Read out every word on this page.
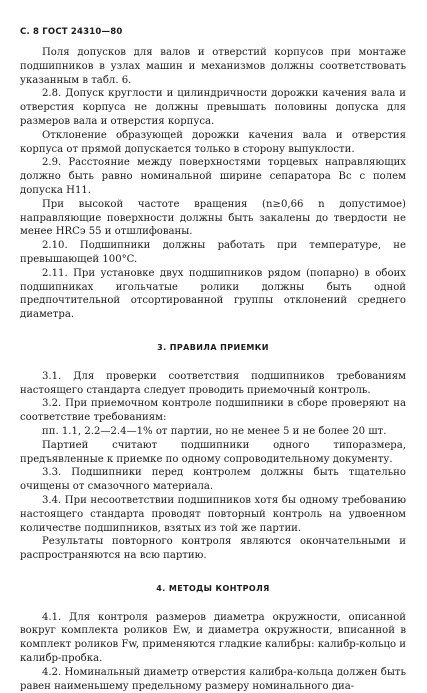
С. 8 ГОСТ 24310—80

Поля допусков для валов и отверстий корпусов при монтаже подшипников в узлах машин и механизмов должны соответствовать указанным в табл. 6.

2.8. Допуск круглости и цилиндричности дорожки качения вала и отверстия корпуса не должны превышать половины допуска для размеров вала и отверстия корпуса.

Отклонение образующей дорожки качения вала и отверстия корпуса от прямой допускается только в сторону выпуклости.

2.9. Расстояние между поверхностями торцевых направляющих должно быть равно номинальной ширине сепаратора Bc с полем допуска H11.

При высокой частоте вращения (n≥0,66 n допустимое) направляющие поверхности должны быть закалены до твердости не менее HRCэ 55 и отшлифованы.

2.10. Подшипники должны работать при температуре, не превышающей 100°C.

2.11. При установке двух подшипников рядом (попарно) в обоих подшипниках игольчатые ролики должны быть одной предпочтительной отсортированной группы отклонений среднего диаметра.

3. ПРАВИЛА ПРИЕМКИ

3.1. Для проверки соответствия подшипников требованиям настоящего стандарта следует проводить приемочный контроль.

3.2. При приемочном контроле подшипники в сборе проверяют на соответствие требованиям:

пп. 1.1, 2.2—2.4—1% от партии, но не менее 5 и не более 20 шт.

Партией считают подшипники одного типоразмера, предъявленные к приемке по одному сопроводительному документу.

3.3. Подшипники перед контролем должны быть тщательно очищены от смазочного материала.

3.4. При несоответствии подшипников хотя бы одному требованию настоящего стандарта проводят повторный контроль на удвоенном количестве подшипников, взятых из той же партии.

Результаты повторного контроля являются окончательными и распространяются на всю партию.

4. МЕТОДЫ КОНТРОЛЯ

4.1. Для контроля размеров диаметра окружности, описанной вокруг комплекта роликов Ew, и диаметра окружности, вписанной в комплект роликов Fw, применяются гладкие калибры: калибр-кольцо и калибр-пробка.

4.2. Номинальный диаметр отверстия калибра-кольца должен быть равен наименьшему предельному размеру номинального диа-
